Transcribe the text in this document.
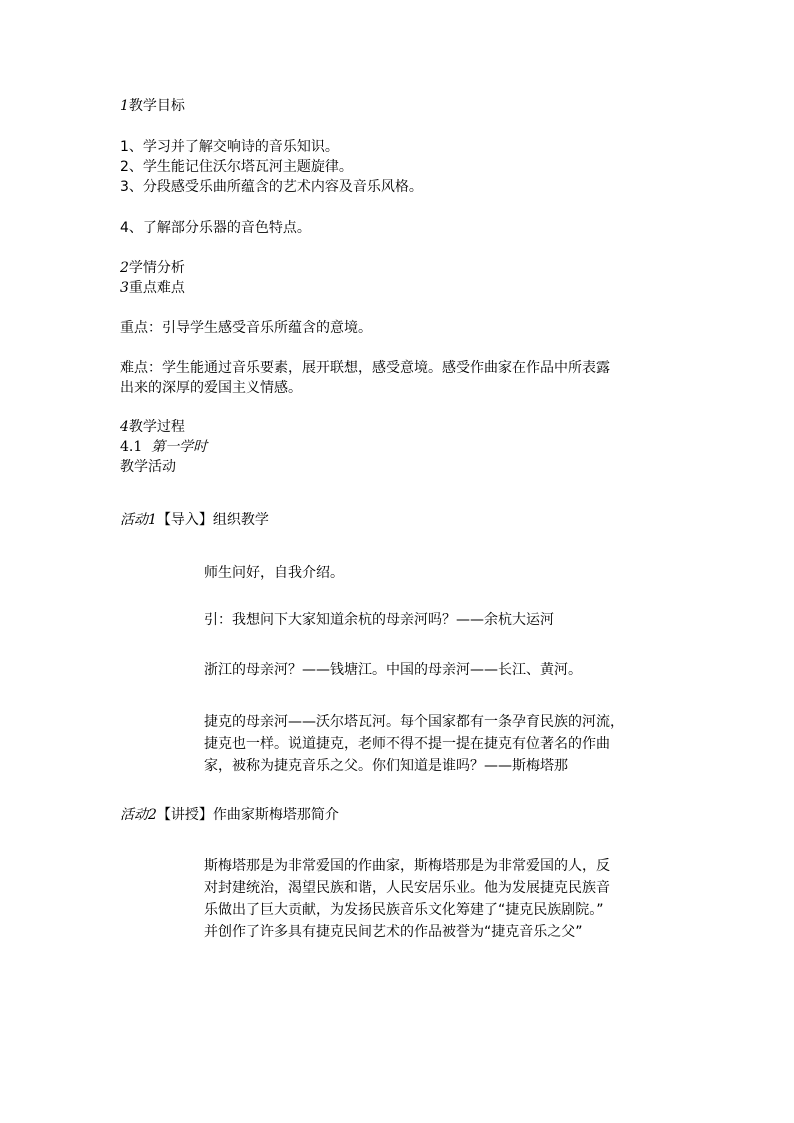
1教学目标
1、学习并了解交响诗的音乐知识。
2、学生能记住沃尔塔瓦河主题旋律。
3、分段感受乐曲所蕴含的艺术内容及音乐风格。
4、了解部分乐器的音色特点。
2学情分析
3重点难点
重点：引导学生感受音乐所蕴含的意境。
难点：学生能通过音乐要素，展开联想，感受意境。感受作曲家在作品中所表露
出来的深厚的爱国主义情感。
4教学过程
4.1 第一学时
教学活动
活动1【导入】组织教学
师生问好，自我介绍。
引：我想问下大家知道余杭的母亲河吗？——余杭大运河
浙江的母亲河？——钱塘江。中国的母亲河——长江、黄河。
捷克的母亲河——沃尔塔瓦河。每个国家都有一条孕育民族的河流，
捷克也一样。说道捷克，老师不得不提一提在捷克有位著名的作曲
家，被称为捷克音乐之父。你们知道是谁吗？——斯梅塔那
活动2【讲授】作曲家斯梅塔那简介
斯梅塔那是为非常爱国的作曲家，斯梅塔那是为非常爱国的人，反
对封建统治，渴望民族和谐，人民安居乐业。他为发展捷克民族音
乐做出了巨大贡献，为发扬民族音乐文化筹建了“捷克民族剧院。”
并创作了许多具有捷克民间艺术的作品被誉为“捷克音乐之父”
